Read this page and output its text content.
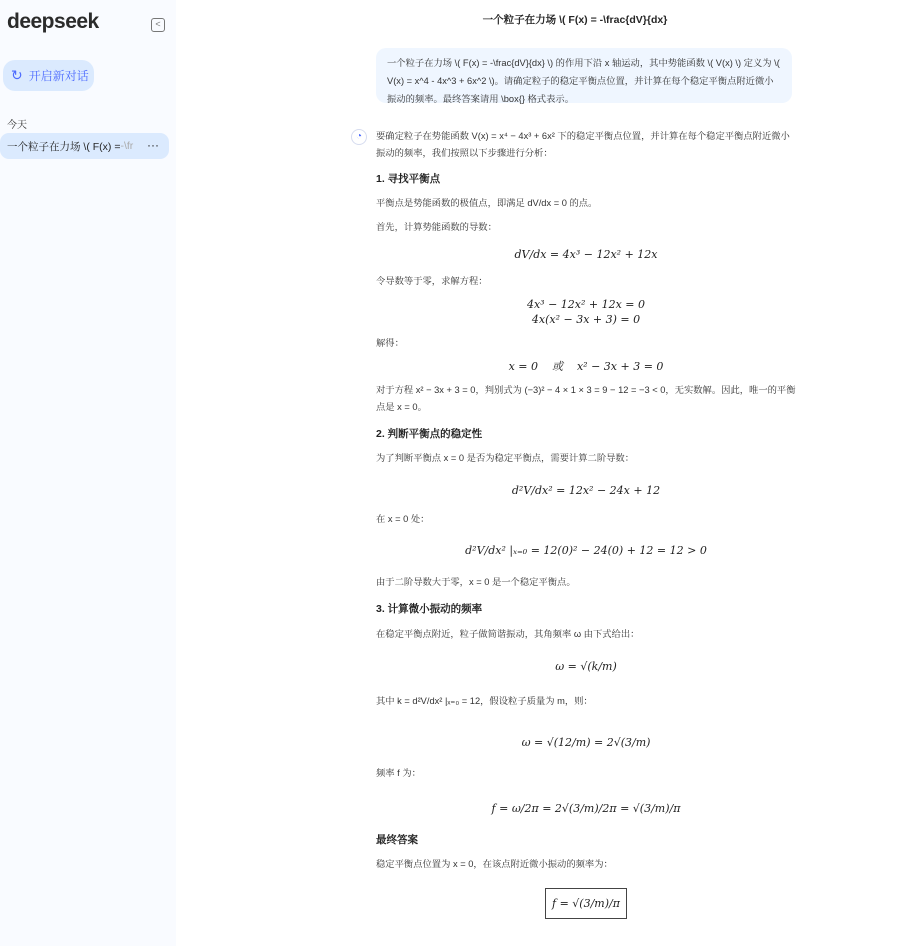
deepseek	<
↻ 开启新对话
今天
一个粒子在力场 \( F(x) = -\fr ···
一个粒子在力场 \( F(x) = -\frac{dV}{dx}
一个粒子在力场 \( F(x) = -\frac{dV}{dx} \) 的作用下沿 x 轴运动，其中势能函数 \( V(x) \) 定义为 \( V(x) = x^4 - 4x^3 + 6x^2 \)。请确定粒子的稳定平衡点位置，并计算在每个稳定平衡点附近微小振动的频率。最终答案请用 \box{} 格式表示。
◔	要确定粒子在势能函数 V(x) = x⁴ − 4x³ + 6x² 下的稳定平衡点位置，并计算在每个稳定平衡点附近微小振动的频率，我们按照以下步骤进行分析：
1. 寻找平衡点
平衡点是势能函数的极值点，即满足 dV/dx = 0 的点。
首先，计算势能函数的导数：
dV/dx = 4x³ − 12x² + 12x
令导数等于零，求解方程：
4x³ − 12x² + 12x = 0
4x(x² − 3x + 3) = 0
解得：
x = 0    或    x² − 3x + 3 = 0
对于方程 x² − 3x + 3 = 0，判别式为 (−3)² − 4 × 1 × 3 = 9 − 12 = −3 < 0，无实数解。因此，唯一的平衡点是 x = 0。
2. 判断平衡点的稳定性
为了判断平衡点 x = 0 是否为稳定平衡点，需要计算二阶导数：
d²V/dx² = 12x² − 24x + 12
在 x = 0 处：
d²V/dx² |ₓ₌₀ = 12(0)² − 24(0) + 12 = 12 > 0
由于二阶导数大于零，x = 0 是一个稳定平衡点。
3. 计算微小振动的频率
在稳定平衡点附近，粒子做简谐振动，其角频率 ω 由下式给出：
ω = √(k/m)
其中 k = d²V/dx² |ₓ₌₀ = 12，假设粒子质量为 m，则：
ω = √(12/m) = 2√(3/m)
频率 f 为：
f = ω/2π = 2√(3/m)/2π = √(3/m)/π
最终答案
稳定平衡点位置为 x = 0，在该点附近微小振动的频率为：
f = √(3/m)/π
